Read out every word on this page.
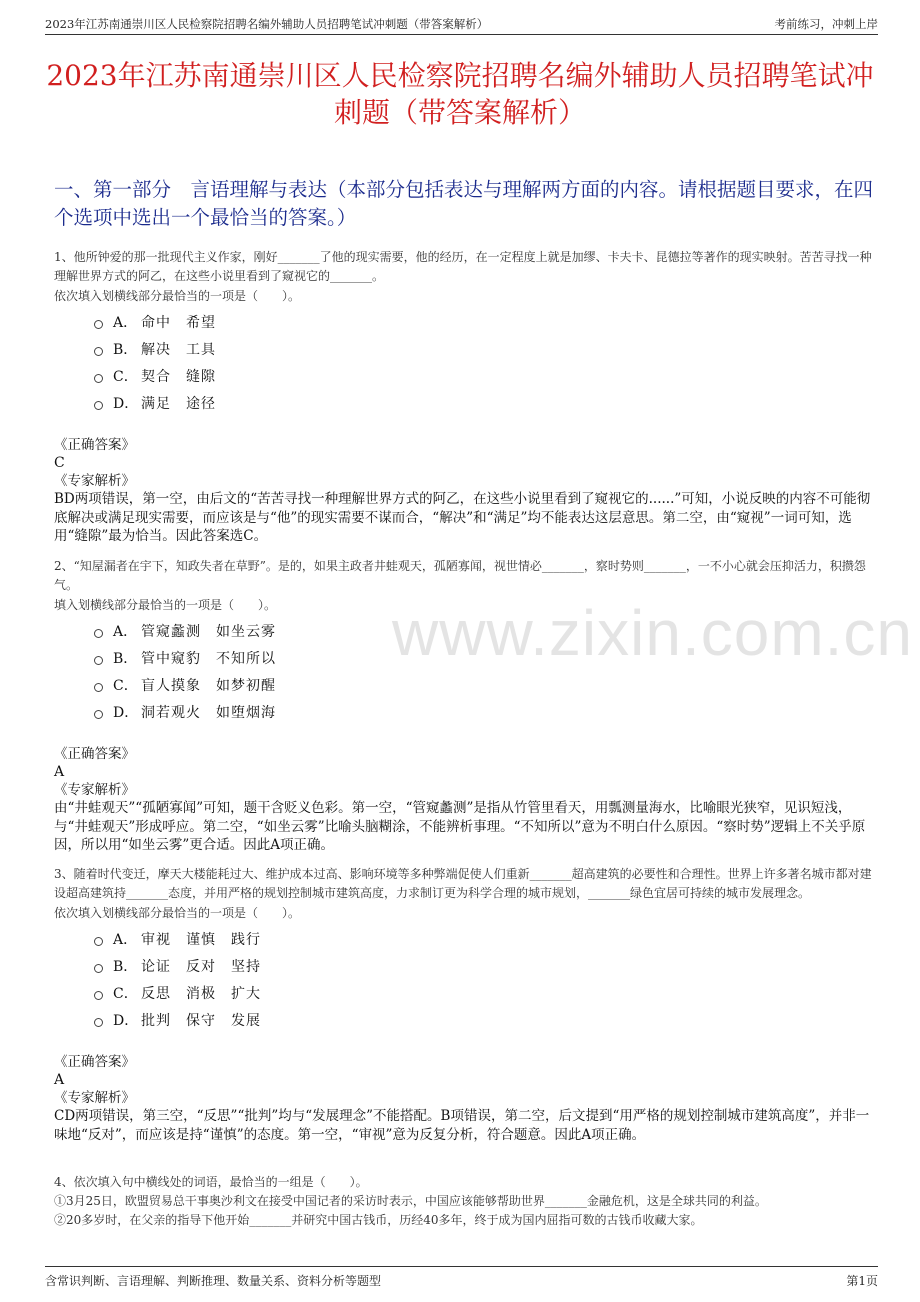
2023年江苏南通崇川区人民检察院招聘名编外辅助人员招聘笔试冲刺题（带答案解析）	考前练习，冲刺上岸
2023年江苏南通崇川区人民检察院招聘名编外辅助人员招聘笔试冲刺题（带答案解析）
一、第一部分　言语理解与表达（本部分包括表达与理解两方面的内容。请根据题目要求，在四个选项中选出一个最恰当的答案。）
www.zixin.com.cn
1、他所钟爱的那一批现代主义作家，刚好_______了他的现实需要，他的经历，在一定程度上就是加缪、卡夫卡、昆德拉等著作的现实映射。苦苦寻找一种理解世界方式的阿乙，在这些小说里看到了窥视它的_______。
依次填入划横线部分最恰当的一项是（　　）。
A． 命中　希望
B． 解决　工具
C． 契合　缝隙
D． 满足　途径
《正确答案》
C
《专家解析》
BD两项错误，第一空，由后文的“苦苦寻找一种理解世界方式的阿乙，在这些小说里看到了窥视它的......”可知，小说反映的内容不可能彻底解决或满足现实需要，而应该是与“他”的现实需要不谋而合，“解决”和“满足”均不能表达这层意思。第二空，由“窥视”一词可知，选用“缝隙”最为恰当。因此答案选C。
2、“知屋漏者在宇下，知政失者在草野”。是的，如果主政者井蛙观天，孤陋寡闻，视世情必_______，察时势则_______，一不小心就会压抑活力，积攒怨气。
填入划横线部分最恰当的一项是（　　）。
A． 管窥蠡测　如坐云雾
B． 管中窥豹　不知所以
C． 盲人摸象　如梦初醒
D． 洞若观火　如堕烟海
《正确答案》
A
《专家解析》
由“井蛙观天”“孤陋寡闻”可知，题干含贬义色彩。第一空，“管窥蠡测”是指从竹管里看天，用瓢测量海水，比喻眼光狭窄，见识短浅，与“井蛙观天”形成呼应。第二空，“如坐云雾”比喻头脑糊涂，不能辨析事理。“不知所以”意为不明白什么原因。“察时势”逻辑上不关乎原因，所以用“如坐云雾”更合适。因此A项正确。
3、随着时代变迁，摩天大楼能耗过大、维护成本过高、影响环境等多种弊端促使人们重新_______超高建筑的必要性和合理性。世界上许多著名城市都对建设超高建筑持_______态度，并用严格的规划控制城市建筑高度，力求制订更为科学合理的城市规划，_______绿色宜居可持续的城市发展理念。
依次填入划横线部分最恰当的一项是（　　）。
A． 审视　谨慎　践行
B． 论证　反对　坚持
C． 反思　消极　扩大
D． 批判　保守　发展
《正确答案》
A
《专家解析》
CD两项错误，第三空，“反思”“批判”均与“发展理念”不能搭配。B项错误，第二空，后文提到“用严格的规划控制城市建筑高度”，并非一味地“反对”，而应该是持“谨慎”的态度。第一空，“审视”意为反复分析，符合题意。因此A项正确。
4、依次填入句中横线处的词语，最恰当的一组是（　　）。
①3月25日，欧盟贸易总干事奥沙利文在接受中国记者的采访时表示，中国应该能够帮助世界_______金融危机，这是全球共同的利益。
②20多岁时，在父亲的指导下他开始_______并研究中国古钱币，历经40多年，终于成为国内屈指可数的古钱币收藏大家。
含常识判断、言语理解、判断推理、数量关系、资料分析等题型	第1页
